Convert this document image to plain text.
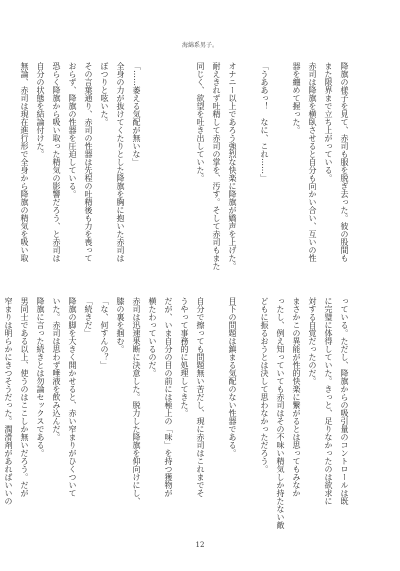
海綿系男子。
降旗の様子を見て、赤司も服を脱ぎ去った。彼の股間も
また限界まで立ち上がっている。
赤司は降旗を横臥させると自分も向かい合い、互いの性
器を纏めて握った。

「うああっ！　なに、これ……」

オナニー以上であろう強烈な快楽に降旗が嬌声を上げた。
耐えきれず吐精して赤司の掌を、汚す。そして赤司もまた
同じく、欲望を吐き出していた。

「……萎える気配が無いな」
全身の力が抜けてくたりとした降旗を胸に抱いた赤司は
ぼつりと呟いた。
その言葉通り、赤司の性器は先程の吐精後も力を喪って
おらず、降旗の性器を圧迫している。
恐らく降旗から吸い取った精気の影響だろう、と赤司は
自分の状態を結論付けた。
無論、赤司は現在進行形で全身から降旗の精気を吸い取
っている。ただし、降旗からの吸引量のコントロールは既
に完璧に体得していた。きっと、足りなかったのは欲求に
対する自覚だったのだ。
まさかこの異能が性的快楽に繋がるとは思ってもみなか
ったし、例え知っていても赤司はその不味い精気しか持たない敵
どもに振るおうとは決して思わなかっただろう。

目下の問題は鎮まる気配のない性器である。

自分で擦っても問題無い苦だし、現に赤司はこれまでそ
うやって事務的に処理してきた。
だが、いま自分の目の前には極上の「味」を持つ獲物が
横たわっているのだ。
赤司は迅速果断に決意した。脱力した降旗を仰向けにし、
膝の裏を掴む。
「な、何すんの？」
「続きだ」
降旗の脚を大きく開かせると、赤い窄まりがひくついて
いた。赤司は思わず唾液を飲み込んだ。
降旗に言った続きとは勿論セックスである。
男同士である以上、使うのはここしか無いだろう。だが
窄まりは明らかにきつそうだった。潤滑剤があればいいの
12
